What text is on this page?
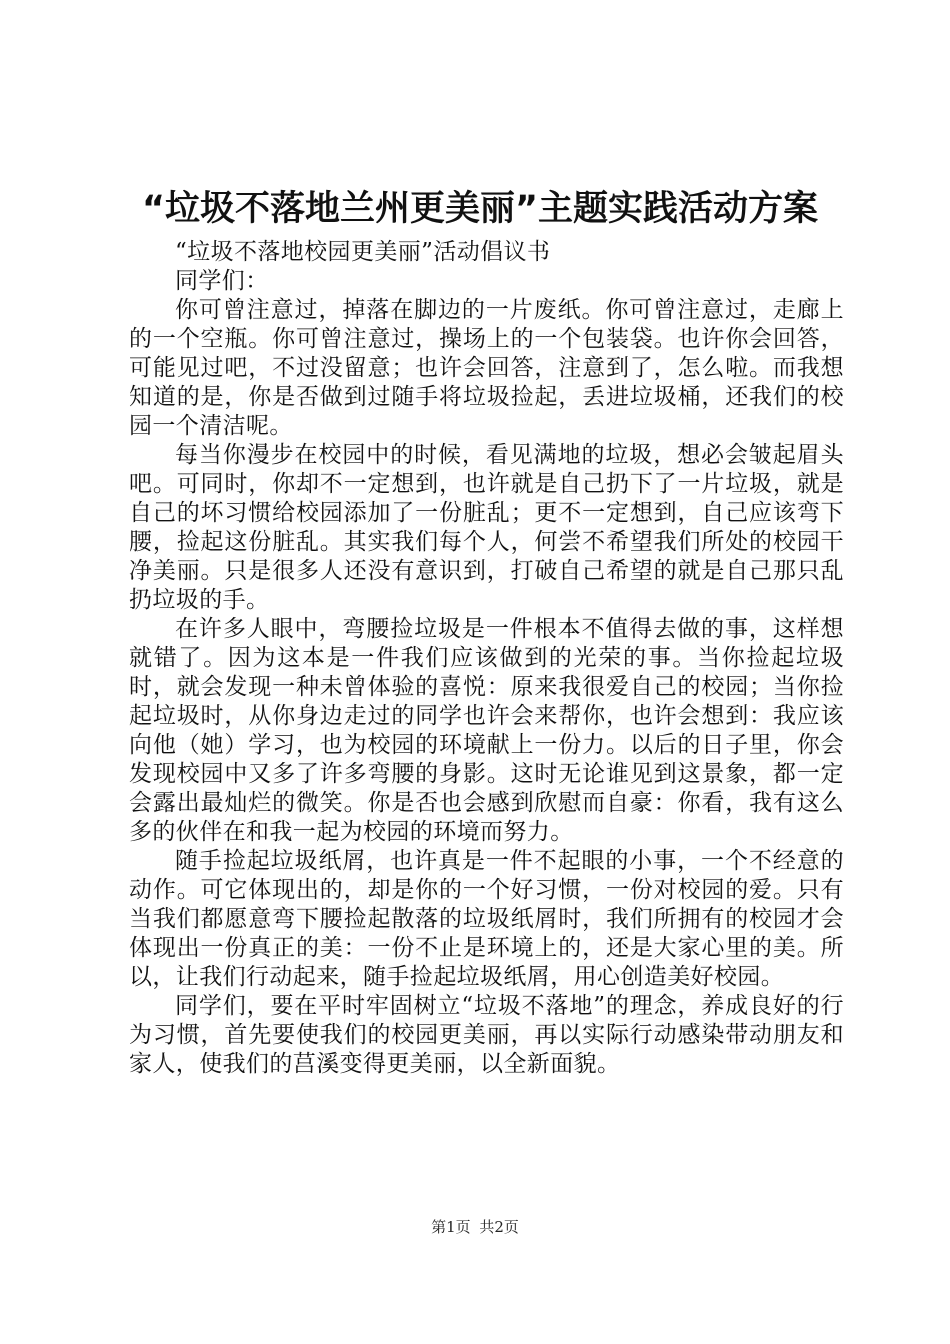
“垃圾不落地兰州更美丽”主题实践活动方案

“垃圾不落地校园更美丽”活动倡议书

同学们：

你可曾注意过，掉落在脚边的一片废纸。你可曾注意过，走廊上的一个空瓶。你可曾注意过，操场上的一个包装袋。也许你会回答，可能见过吧，不过没留意；也许会回答，注意到了，怎么啦。而我想知道的是，你是否做到过随手将垃圾捡起，丢进垃圾桶，还我们的校园一个清洁呢。

每当你漫步在校园中的时候，看见满地的垃圾，想必会皱起眉头吧。可同时，你却不一定想到，也许就是自己扔下了一片垃圾，就是自己的坏习惯给校园添加了一份脏乱；更不一定想到，自己应该弯下腰，捡起这份脏乱。其实我们每个人，何尝不希望我们所处的校园干净美丽。只是很多人还没有意识到，打破自己希望的就是自己那只乱扔垃圾的手。

在许多人眼中，弯腰捡垃圾是一件根本不值得去做的事，这样想就错了。因为这本是一件我们应该做到的光荣的事。当你捡起垃圾时，就会发现一种未曾体验的喜悦：原来我很爱自己的校园；当你捡起垃圾时，从你身边走过的同学也许会来帮你，也许会想到：我应该向他（她）学习，也为校园的环境献上一份力。以后的日子里，你会发现校园中又多了许多弯腰的身影。这时无论谁见到这景象，都一定会露出最灿烂的微笑。你是否也会感到欣慰而自豪：你看，我有这么多的伙伴在和我一起为校园的环境而努力。

随手捡起垃圾纸屑，也许真是一件不起眼的小事，一个不经意的动作。可它体现出的，却是你的一个好习惯，一份对校园的爱。只有当我们都愿意弯下腰捡起散落的垃圾纸屑时，我们所拥有的校园才会体现出一份真正的美：一份不止是环境上的，还是大家心里的美。所以，让我们行动起来，随手捡起垃圾纸屑，用心创造美好校园。

同学们，要在平时牢固树立“垃圾不落地”的理念，养成良好的行为习惯，首先要使我们的校园更美丽，再以实际行动感染带动朋友和家人，使我们的莒溪变得更美丽，以全新面貌。

第1页 共2页
